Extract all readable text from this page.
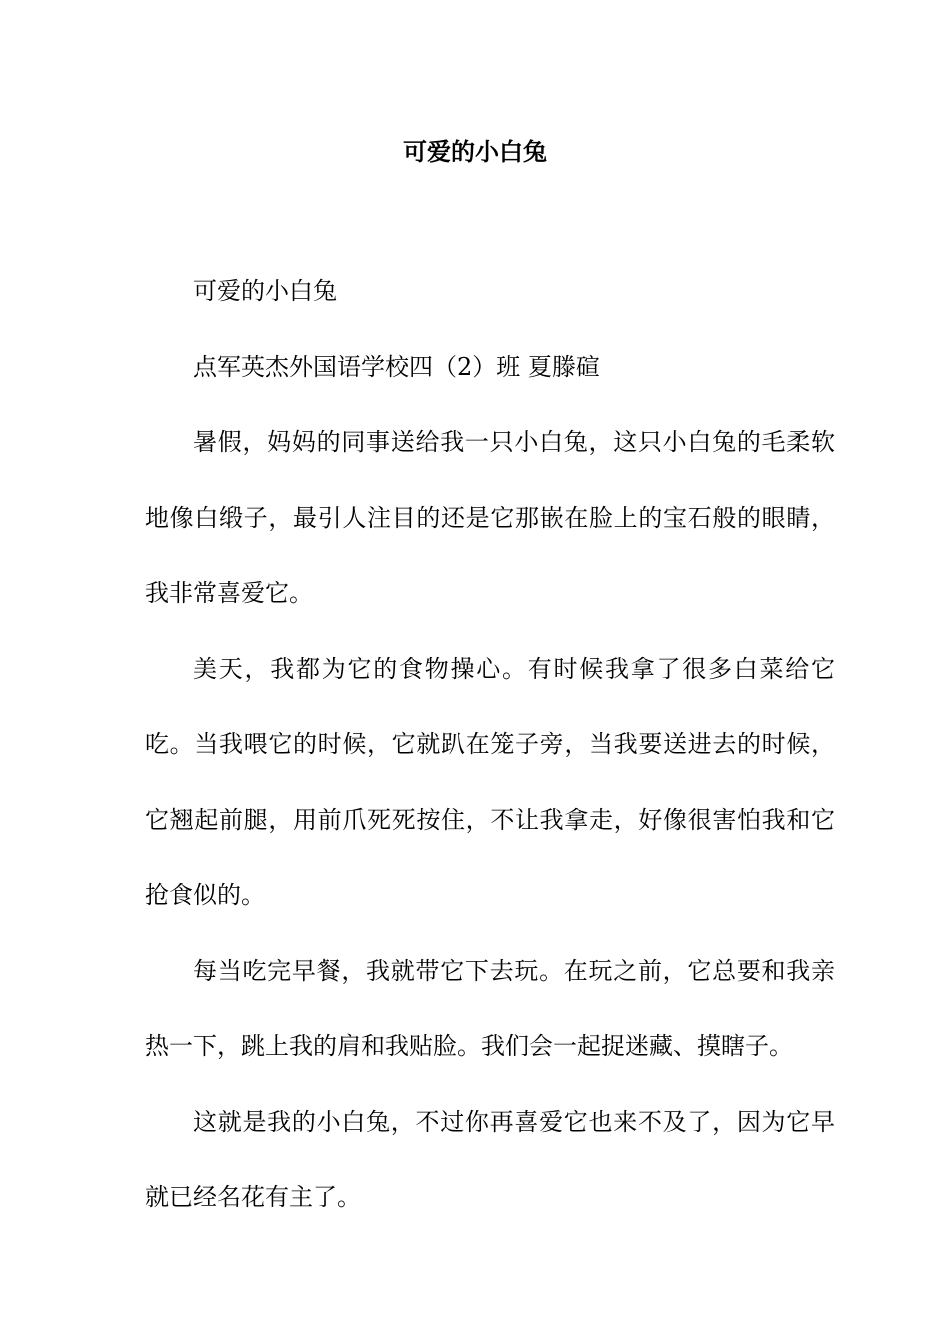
可爱的小白兔

可爱的小白兔

点军英杰外国语学校四（2）班 夏滕碹

暑假，妈妈的同事送给我一只小白兔，这只小白兔的毛柔软地像白缎子，最引人注目的还是它那嵌在脸上的宝石般的眼睛，我非常喜爱它。

美天，我都为它的食物操心。有时候我拿了很多白菜给它吃。当我喂它的时候，它就趴在笼子旁，当我要送进去的时候，它翘起前腿，用前爪死死按住，不让我拿走，好像很害怕我和它抢食似的。

每当吃完早餐，我就带它下去玩。在玩之前，它总要和我亲热一下，跳上我的肩和我贴脸。我们会一起捉迷藏、摸瞎子。

这就是我的小白兔，不过你再喜爱它也来不及了，因为它早就已经名花有主了。
